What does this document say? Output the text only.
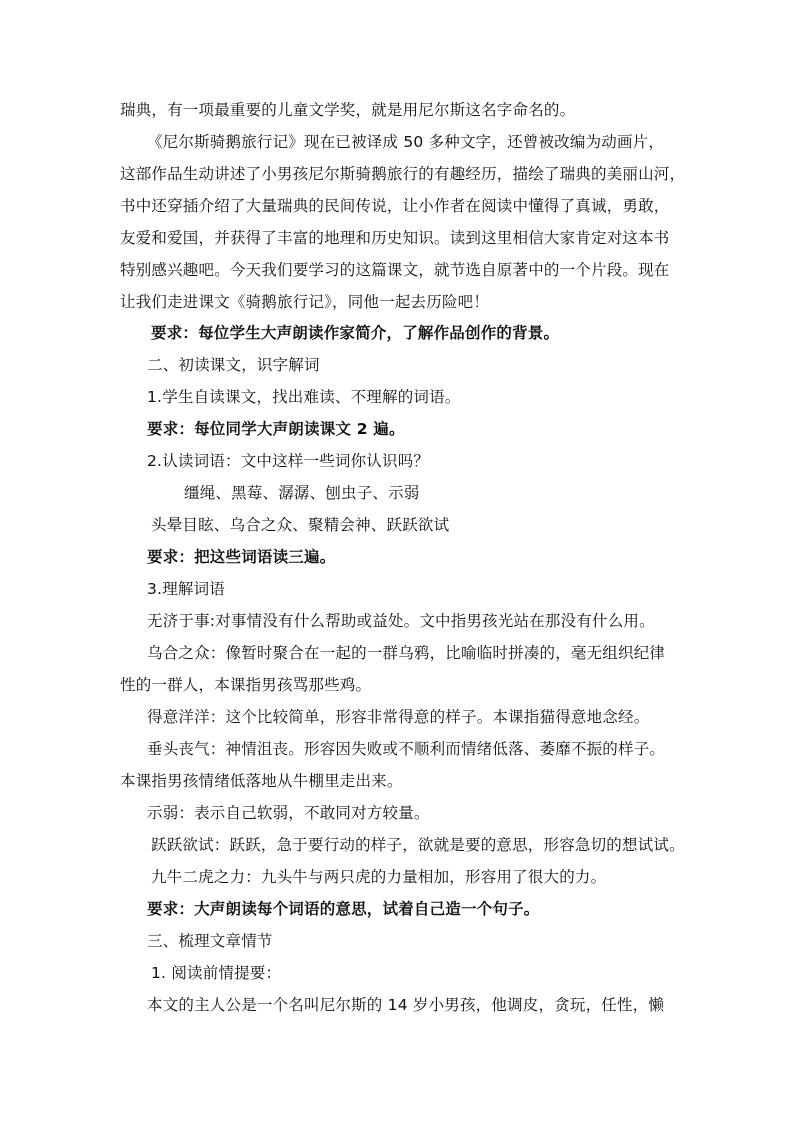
瑞典，有一项最重要的儿童文学奖，就是用尼尔斯这名字命名的。
《尼尔斯骑鹅旅行记》现在已被译成 50 多种文字，还曾被改编为动画片，
这部作品生动讲述了小男孩尼尔斯骑鹅旅行的有趣经历，描绘了瑞典的美丽山河，
书中还穿插介绍了大量瑞典的民间传说，让小作者在阅读中懂得了真诚，勇敢，
友爱和爱国，并获得了丰富的地理和历史知识。读到这里相信大家肯定对这本书
特别感兴趣吧。今天我们要学习的这篇课文，就节选自原著中的一个片段。现在
让我们走进课文《骑鹅旅行记》，同他一起去历险吧！
要求：每位学生大声朗读作家简介，了解作品创作的背景。
二、初读课文，识字解词
1.学生自读课文，找出难读、不理解的词语。
要求：每位同学大声朗读课文 2 遍。
2.认读词语：文中这样一些词你认识吗？
缰绳、黑莓、潺潺、刨虫子、示弱
头晕目眩、乌合之众、聚精会神、跃跃欲试
要求：把这些词语读三遍。
3.理解词语
无济于事:对事情没有什么帮助或益处。文中指男孩光站在那没有什么用。
乌合之众：像暂时聚合在一起的一群乌鸦，比喻临时拼凑的，毫无组织纪律
性的一群人，本课指男孩骂那些鸡。
得意洋洋：这个比较简单，形容非常得意的样子。本课指猫得意地念经。
垂头丧气：神情沮丧。形容因失败或不顺利而情绪低落、萎靡不振的样子。
本课指男孩情绪低落地从牛棚里走出来。
示弱：表示自己软弱，不敢同对方较量。
跃跃欲试：跃跃，急于要行动的样子，欲就是要的意思，形容急切的想试试。
九牛二虎之力：九头牛与两只虎的力量相加，形容用了很大的力。
要求：大声朗读每个词语的意思，试着自己造一个句子。
三、梳理文章情节
1. 阅读前情提要：
本文的主人公是一个名叫尼尔斯的 14 岁小男孩，他调皮，贪玩，任性，懒
